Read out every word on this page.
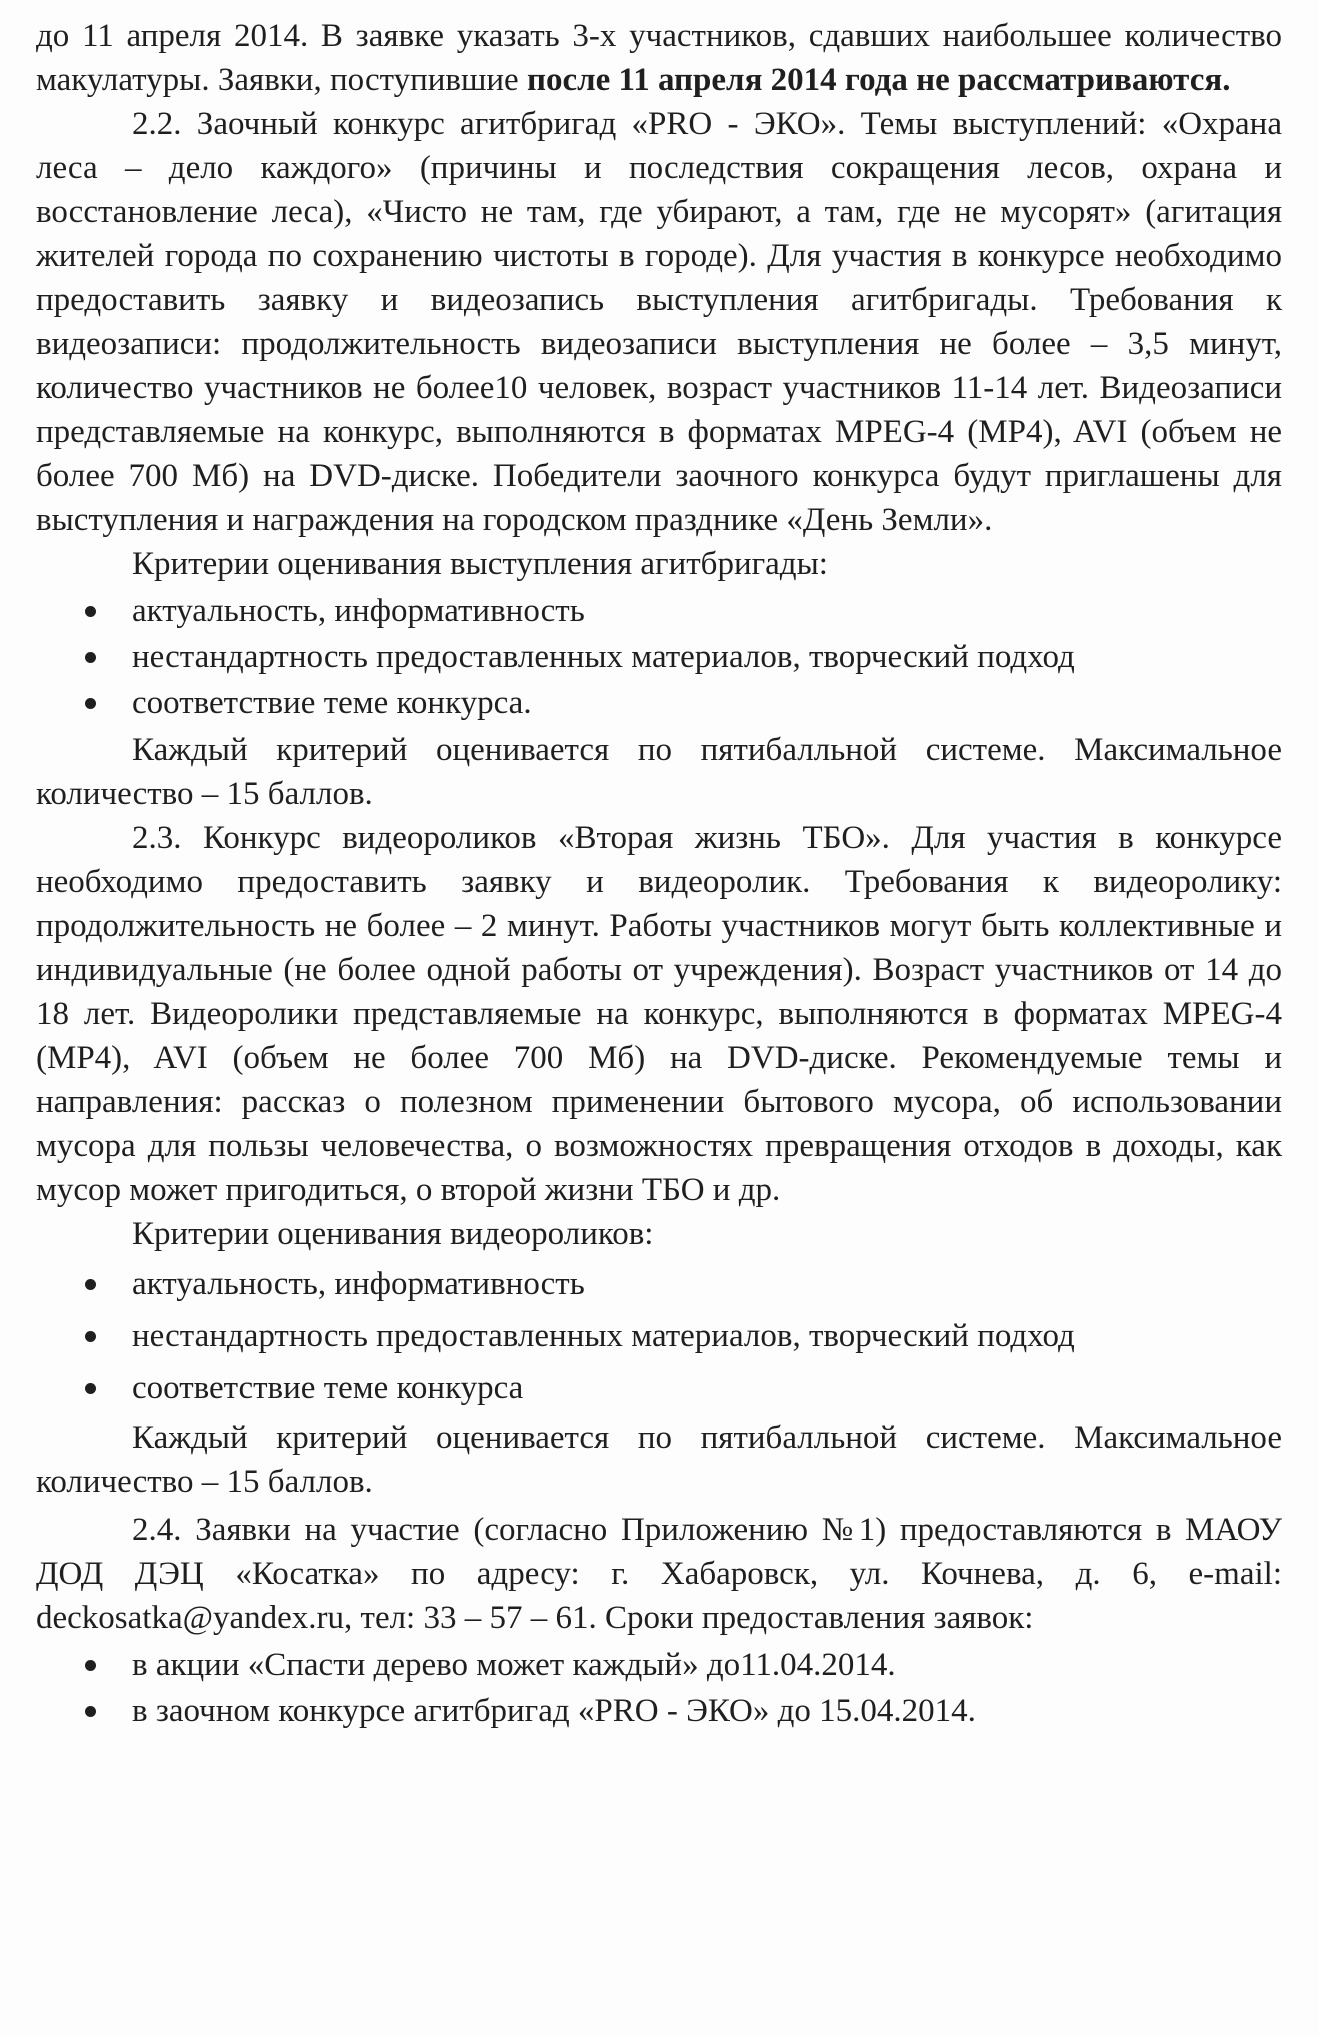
до 11 апреля 2014. В заявке указать 3-х участников, сдавших наибольшее количество макулатуры. Заявки, поступившие после 11 апреля 2014 года не рассматриваются.

2.2. Заочный конкурс агитбригад «PRO - ЭКО». Темы выступлений: «Охрана леса – дело каждого» (причины и последствия сокращения лесов, охрана и восстановление леса), «Чисто не там, где убирают, а там, где не мусорят» (агитация жителей города по сохранению чистоты в городе). Для участия в конкурсе необходимо предоставить заявку и видеозапись выступления агитбригады. Требования к видеозаписи: продолжительность видеозаписи выступления не более – 3,5 минут, количество участников не более10 человек, возраст участников 11-14 лет. Видеозаписи представляемые на конкурс, выполняются в форматах MPEG-4 (MP4), AVI (объем не более 700 Мб) на DVD-диске. Победители заочного конкурса будут приглашены для выступления и награждения на городском празднике «День Земли».

Критерии оценивания выступления агитбригады:

актуальность, информативность
нестандартность предоставленных материалов, творческий подход
соответствие теме конкурса.

Каждый критерий оценивается по пятибалльной системе. Максимальное количество – 15 баллов.

2.3. Конкурс видеороликов «Вторая жизнь ТБО». Для участия в конкурсе необходимо предоставить заявку и видеоролик. Требования к видеоролику: продолжительность не более – 2 минут. Работы участников могут быть коллективные и индивидуальные (не более одной работы от учреждения). Возраст участников от 14 до 18 лет. Видеоролики представляемые на конкурс, выполняются в форматах MPEG-4 (MP4), AVI (объем не более 700 Мб) на DVD-диске. Рекомендуемые темы и направления: рассказ о полезном применении бытового мусора, об использовании мусора для пользы человечества, о возможностях превращения отходов в доходы, как мусор может пригодиться, о второй жизни ТБО и др.

Критерии оценивания видеороликов:

актуальность, информативность
нестандартность предоставленных материалов, творческий подход
соответствие теме конкурса

Каждый критерий оценивается по пятибалльной системе. Максимальное количество – 15 баллов.

2.4. Заявки на участие (согласно Приложению №1) предоставляются в МАОУ ДОД ДЭЦ «Косатка» по адресу: г. Хабаровск, ул. Кочнева, д. 6, e-mail: deckosatka@yandex.ru, тел: 33 – 57 – 61. Сроки предоставления заявок:

в акции «Спасти дерево может каждый» до11.04.2014.
в заочном конкурсе агитбригад «PRO - ЭКО» до 15.04.2014.
